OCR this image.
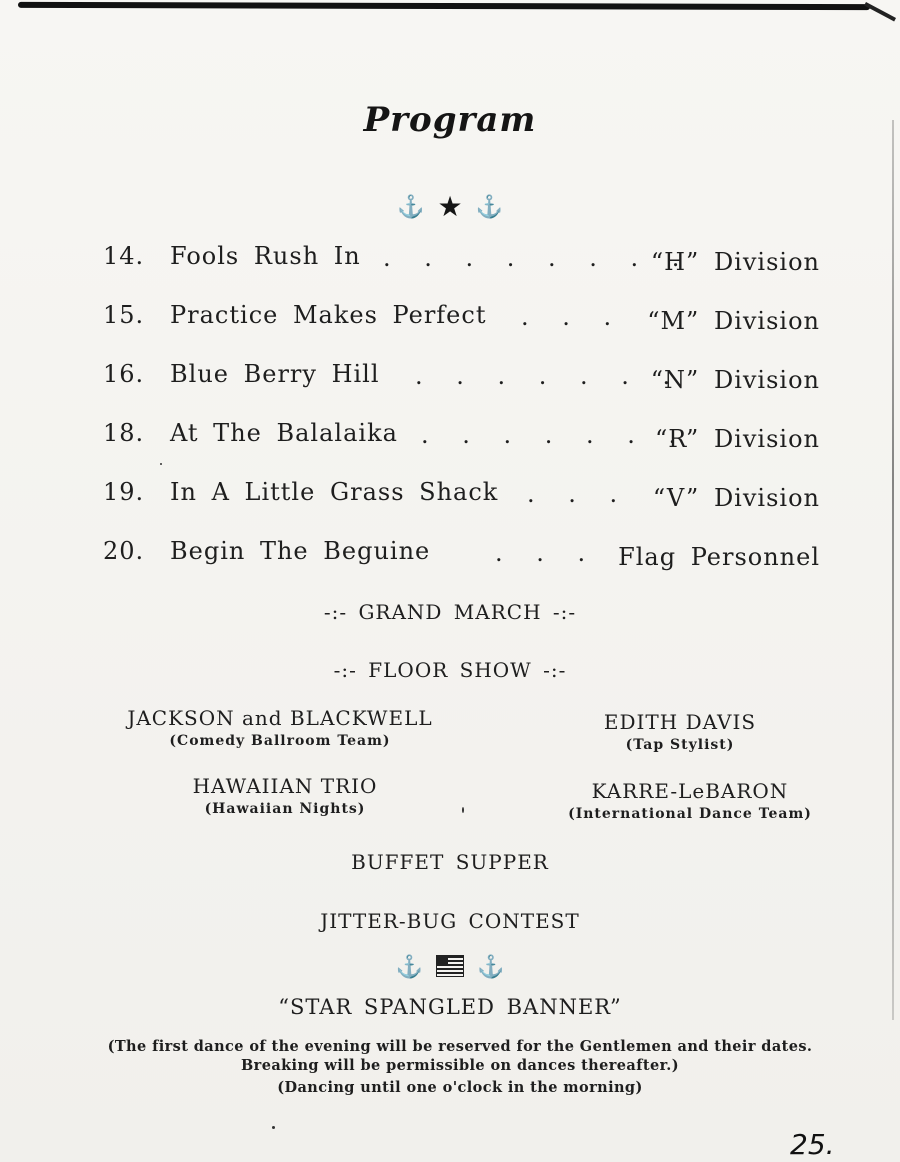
Program
⚓ ★ ⚓
14. Fools Rush In . . . . . . . .
“H” Division
15. Practice Makes Perfect . . . “M” Division
16. Blue Berry Hill . . . . . . .
“N” Division
18. At The Balalaika . . . . . . .
“R” Division
19. In A Little Grass Shack . . . “V” Division
20. Begin The Beguine	. . . Flag Personnel
-:- GRAND MARCH -:-
-:- FLOOR SHOW -:-
JACKSON and BLACKWELL
(Comedy Ballroom Team)
EDITH DAVIS
(Tap Stylist)
HAWAIIAN TRIO
(Hawaiian Nights)
KARRE-LeBARON
(International Dance Team)
BUFFET SUPPER
JITTER-BUG CONTEST
⚓ ⚓
“STAR SPANGLED BANNER”
(The first dance of the evening will be reserved for the Gentlemen and their dates.
Breaking will be permissible on dances thereafter.)
(Dancing until one o'clock in the morning)
25.
